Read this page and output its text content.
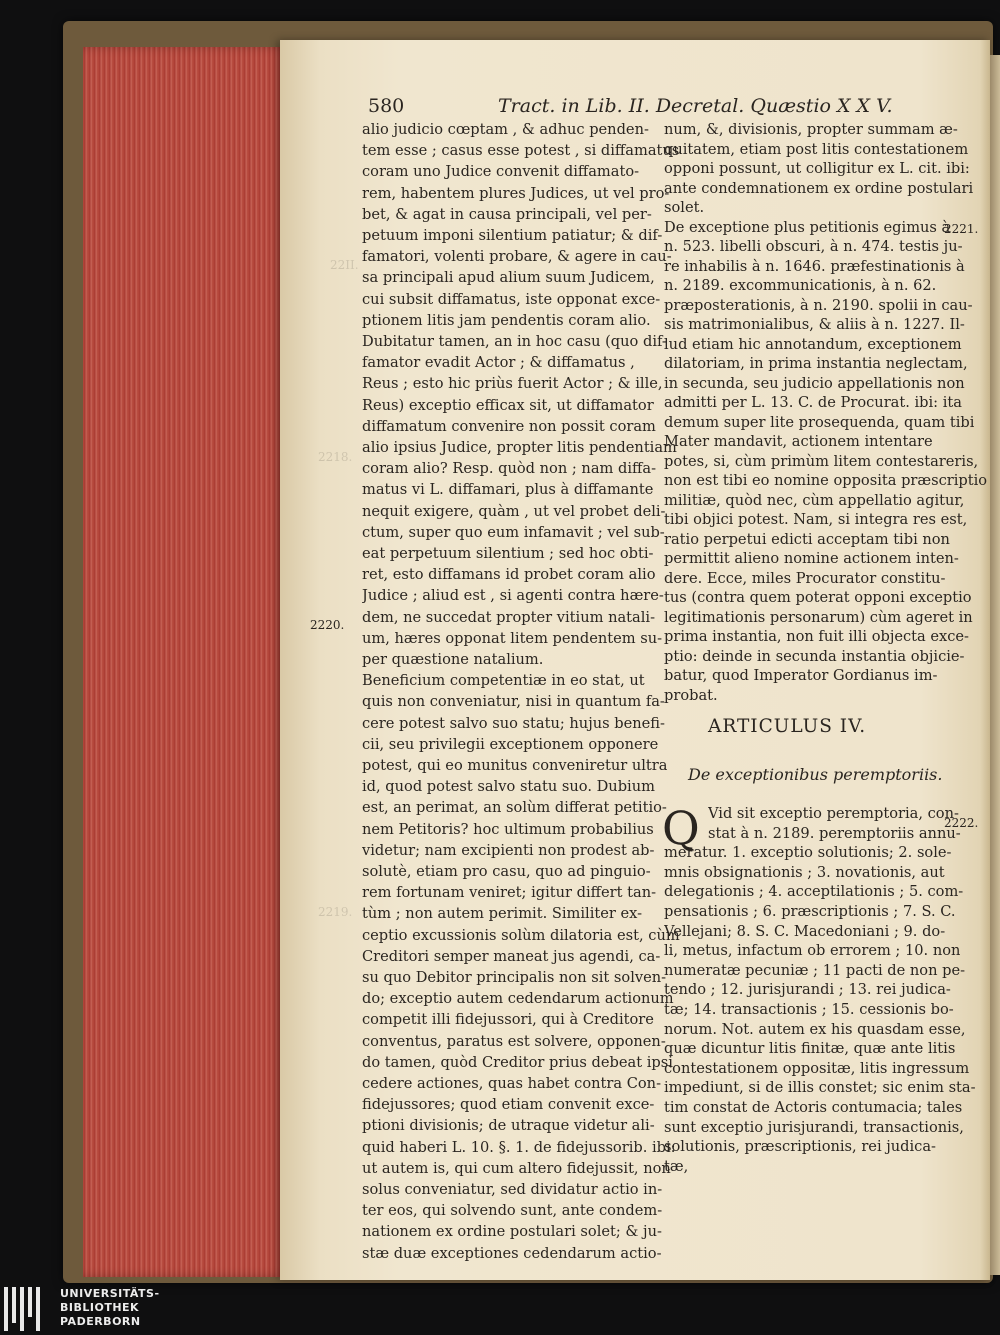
22II.
2218.
2219.
580	Tract. in Lib. II. Decretal. Quæstio X X V.
alio judicio cœptam , & adhuc penden-
tem esse ; casus esse potest , si diffamatus
coram uno Judice convenit diffamato-
rem, habentem plures Judices, ut vel pro-
bet, & agat in causa principali, vel per-
petuum imponi silentium patiatur; & dif-
famatori, volenti probare, & agere in cau-
sa principali apud alium suum Judicem,
cui subsit diffamatus, iste opponat exce-
ptionem litis jam pendentis coram alio.
Dubitatur tamen, an in hoc casu (quo dif-
famator evadit Actor ; & diffamatus ,
Reus ; esto hic priùs fuerit Actor ; & ille,
Reus) exceptio efficax sit, ut diffamator
diffamatum convenire non possit coram
alio ipsius Judice, propter litis pendentiam
coram alio? Resp. quòd non ; nam diffa-
matus vi L. diffamari, plus à diffamante
nequit exigere, quàm , ut vel probet deli-
ctum, super quo eum infamavit ; vel sub-
eat perpetuum silentium ; sed hoc obti-
ret, esto diffamans id probet coram alio
Judice ; aliud est , si agenti contra hære-
dem, ne succedat propter vitium natali-
um, hæres opponat litem pendentem su-
per quæstione natalium.
Beneficium competentiæ in eo stat, ut
quis non conveniatur, nisi in quantum fa-
cere potest salvo suo statu; hujus benefi-
cii, seu privilegii exceptionem opponere
potest, qui eo munitus conveniretur ultra
id, quod potest salvo statu suo. Dubium
est, an perimat, an solùm differat petitio-
nem Petitoris? hoc ultimum probabilius
videtur; nam excipienti non prodest ab-
solutè, etiam pro casu, quo ad pinguio-
rem fortunam veniret; igitur differt tan-
tùm ; non autem perimit. Similiter ex-
ceptio excussionis solùm dilatoria est, cùm
Creditori semper maneat jus agendi, ca-
su quo Debitor principalis non sit solven-
do; exceptio autem cedendarum actionum
competit illi fidejussori, qui à Creditore
conventus, paratus est solvere, opponen-
do tamen, quòd Creditor prius debeat ipsi
cedere actiones, quas habet contra Con-
fidejussores; quod etiam convenit exce-
ptioni divisionis; de utraque videtur ali-
quid haberi L. 10. §. 1. de fidejussorib. ibi:
ut autem is, qui cum altero fidejussit, non
solus conveniatur, sed dividatur actio in-
ter eos, qui solvendo sunt, ante condem-
nationem ex ordine postulari solet; & ju-
stæ duæ exceptiones cedendarum actio-
num, &, divisionis, propter summam æ-
quitatem, etiam post litis contestationem
opponi possunt, ut colligitur ex L. cit. ibi:
ante condemnationem ex ordine postulari
solet.
De exceptione plus petitionis egimus à
n. 523. libelli obscuri, à n. 474. testis ju-
re inhabilis à n. 1646. præfestinationis à
n. 2189. excommunicationis, à n. 62.
præposterationis, à n. 2190. spolii in cau-
sis matrimonialibus, & aliis à n. 1227. Il-
lud etiam hic annotandum, exceptionem
dilatoriam, in prima instantia neglectam,
in secunda, seu judicio appellationis non
admitti per L. 13. C. de Procurat. ibi: ita
demum super lite prosequenda, quam tibi
Mater mandavit, actionem intentare
potes, si, cùm primùm litem contestareris,
non est tibi eo nomine opposita præscriptio
militiæ, quòd nec, cùm appellatio agitur,
tibi objici potest. Nam, si integra res est,
ratio perpetui edicti acceptam tibi non
permittit alieno nomine actionem inten-
dere. Ecce, miles Procurator constitu-
tus (contra quem poterat opponi exceptio
legitimationis personarum) cùm ageret in
prima instantia, non fuit illi objecta exce-
ptio: deinde in secunda instantia objicie-
batur, quod Imperator Gordianus im-
probat.
2220.
2221.
2222.
ARTICULUS IV.
De exceptionibus peremptoriis.
Q Vid sit exceptio peremptoria, con-
stat à n. 2189. peremptoriis annu-
meratur. 1. exceptio solutionis; 2. sole-
mnis obsignationis ; 3. novationis, aut
delegationis ; 4. acceptilationis ; 5. com-
pensationis ; 6. præscriptionis ; 7. S. C.
Vellejani; 8. S. C. Macedoniani ; 9. do-
li, metus, infactum ob errorem ; 10. non
numeratæ pecuniæ ; 11 pacti de non pe-
tendo ; 12. jurisjurandi ; 13. rei judica-
tæ; 14. transactionis ; 15. cessionis bo-
norum. Not. autem ex his quasdam esse,
quæ dicuntur litis finitæ, quæ ante litis
contestationem oppositæ, litis ingressum
impediunt, si de illis constet; sic enim sta-
tim constat de Actoris contumacia; tales
sunt exceptio jurisjurandi, transactionis,
solutionis, præscriptionis, rei judica-
tæ,
UNIVERSITÄTS-
BIBLIOTHEK
PADERBORN
